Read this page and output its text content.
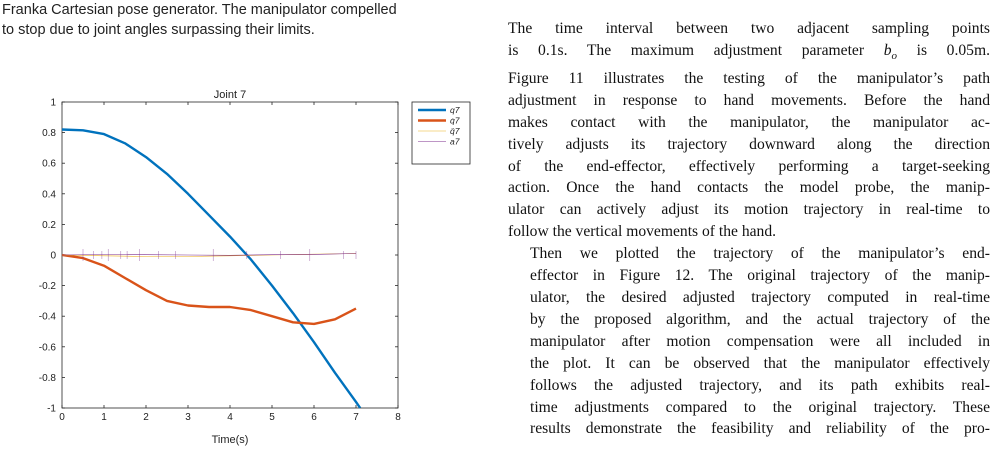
Franka Cartesian pose generator. The manipulator compelled
to stop due to joint angles surpassing their limits.
Joint 7
0	1	2	3	4	5	6	7	8
1
0.8
0.6
0.4
0.2
0
-0.2
-0.4
-0.6
-0.8
-1
Time(s)
q7
q̇7
q̈7
a7

The time interval between two adjacent sampling points
is 0.1s. The maximum adjustment parameter $b_o$ is 0.05m.
Figure 11 illustrates the testing of the manipulator’s path
adjustment in response to hand movements. Before the hand
makes contact with the manipulator, the manipulator ac-
tively adjusts its trajectory downward along the direction
of the end-effector, effectively performing a target-seeking
action. Once the hand contacts the model probe, the manip-
ulator can actively adjust its motion trajectory in real-time to
follow the vertical movements of the hand.

Then we plotted the trajectory of the manipulator’s end-
effector in Figure 12. The original trajectory of the manip-
ulator, the desired adjusted trajectory computed in real-time
by the proposed algorithm, and the actual trajectory of the
manipulator after motion compensation were all included in
the plot. It can be observed that the manipulator effectively
follows the adjusted trajectory, and its path exhibits real-
time adjustments compared to the original trajectory. These
results demonstrate the feasibility and reliability of the pro-
